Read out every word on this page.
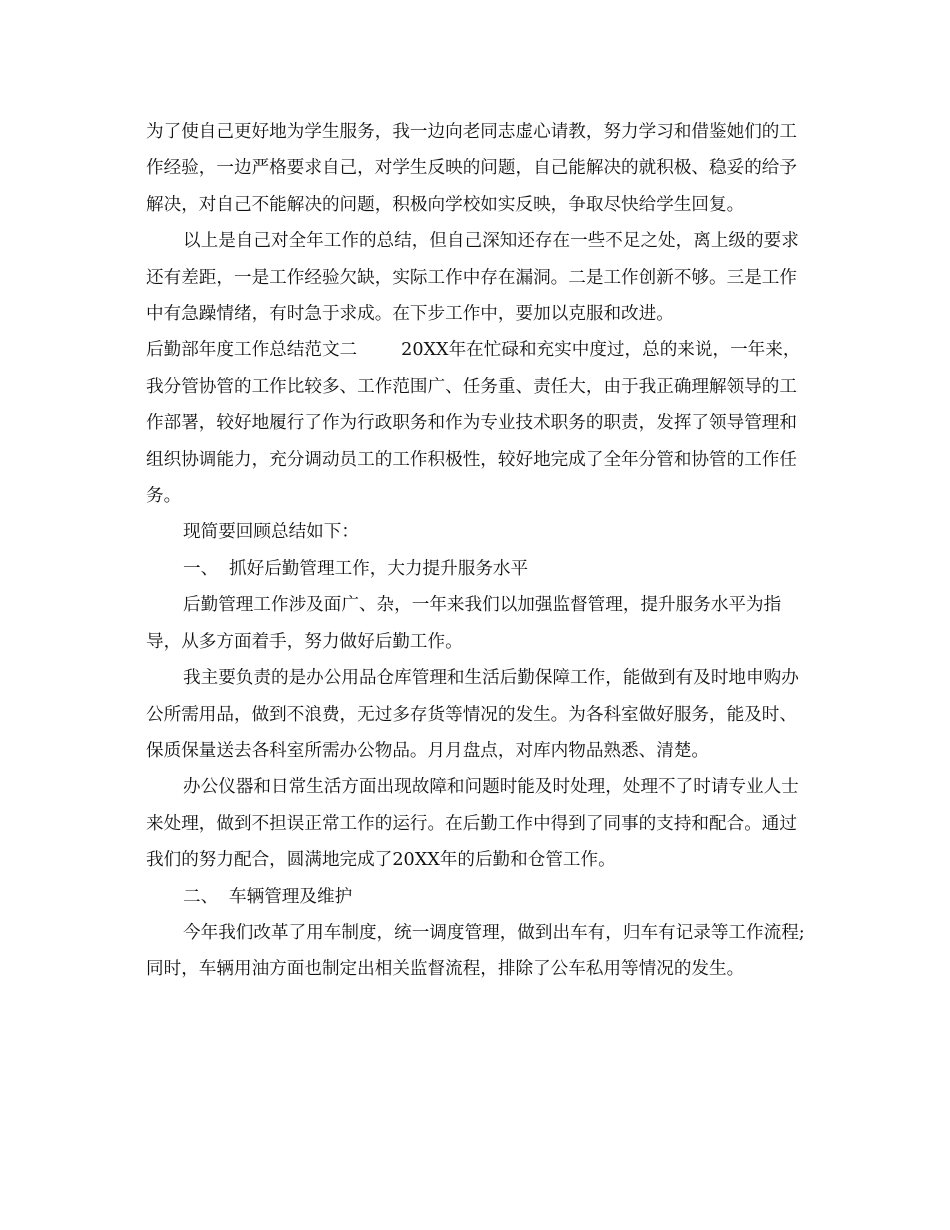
为了使自己更好地为学生服务，我一边向老同志虚心请教，努力学习和借鉴她们的工作经验，一边严格要求自己，对学生反映的问题，自己能解决的就积极、稳妥的给予解决，对自己不能解决的问题，积极向学校如实反映，争取尽快给学生回复。

以上是自己对全年工作的总结，但自己深知还存在一些不足之处，离上级的要求还有差距，一是工作经验欠缺，实际工作中存在漏洞。二是工作创新不够。三是工作中有急躁情绪，有时急于求成。在下步工作中，要加以克服和改进。

后勤部年度工作总结范文二	20XX年在忙碌和充实中度过，总的来说，一年来，我分管协管的工作比较多、工作范围广、任务重、责任大，由于我正确理解领导的工作部署，较好地履行了作为行政职务和作为专业技术职务的职责，发挥了领导管理和组织协调能力，充分调动员工的工作积极性，较好地完成了全年分管和协管的工作任务。

现简要回顾总结如下：

一、 抓好后勤管理工作，大力提升服务水平

后勤管理工作涉及面广、杂，一年来我们以加强监督管理，提升服务水平为指导，从多方面着手，努力做好后勤工作。

我主要负责的是办公用品仓库管理和生活后勤保障工作，能做到有及时地申购办公所需用品，做到不浪费，无过多存货等情况的发生。为各科室做好服务，能及时、保质保量送去各科室所需办公物品。月月盘点，对库内物品熟悉、清楚。

办公仪器和日常生活方面出现故障和问题时能及时处理，处理不了时请专业人士来处理，做到不担误正常工作的运行。在后勤工作中得到了同事的支持和配合。通过我们的努力配合，圆满地完成了20XX年的后勤和仓管工作。

二、 车辆管理及维护

今年我们改革了用车制度，统一调度管理，做到出车有，归车有记录等工作流程;同时，车辆用油方面也制定出相关监督流程，排除了公车私用等情况的发生。
